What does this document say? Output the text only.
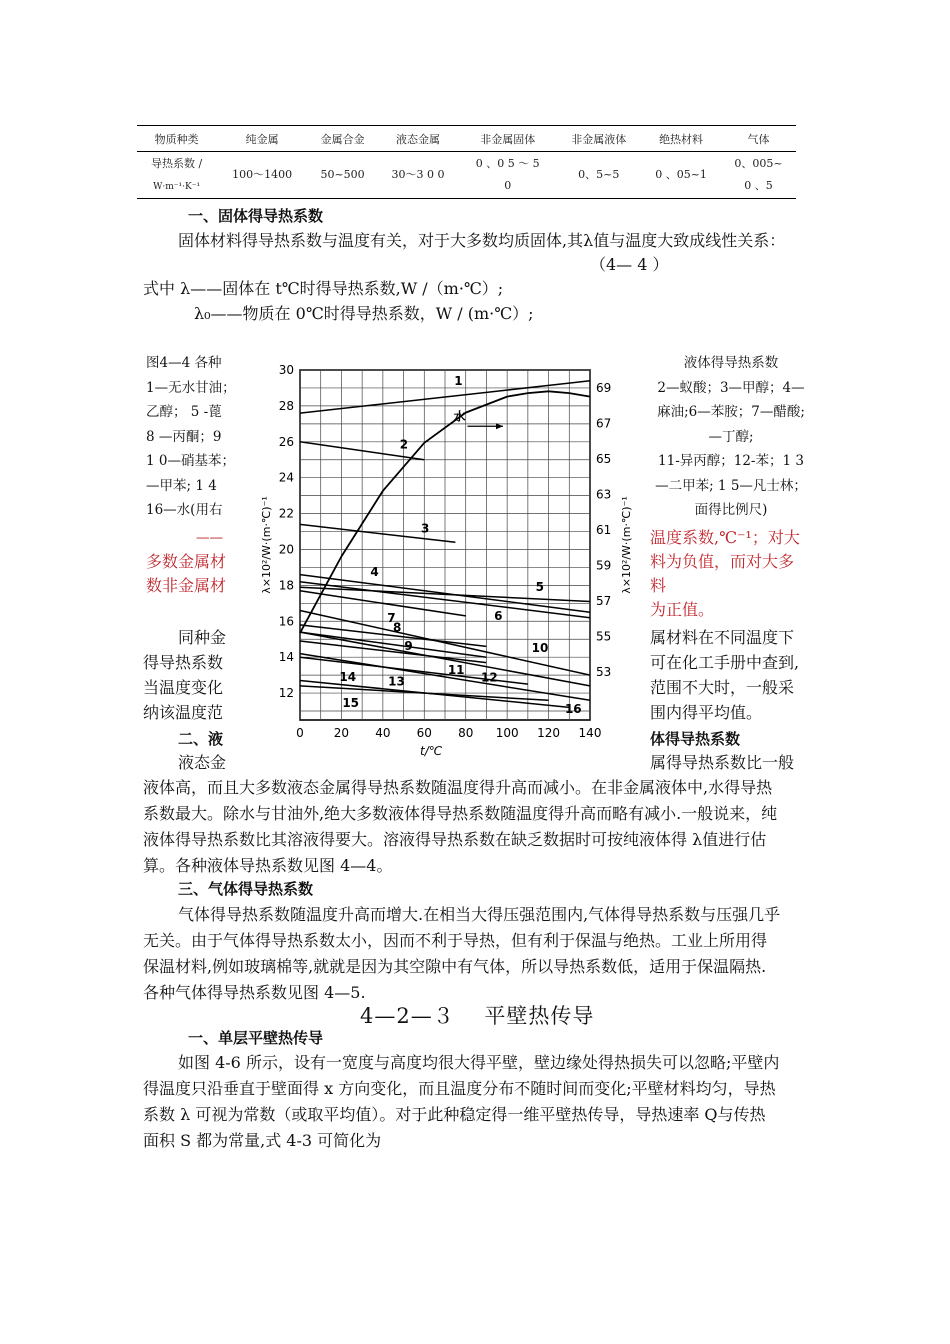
物质种类	纯金属	金属合金	液态金属	非金属固体	非金属液体	绝热材料	气体
导热系数 /
W·m⁻¹·K⁻¹	100～1400	50~500	30～3 0 0	0 、0 5 ～ 5
0	0、5~5	0 、05~1	0、005~
0 、5
一、固体得导热系数
固体材料得导热系数与温度有关，对于大多数均质固体,其λ值与温度大致成线性关系：
（4— 4 ）
式中 λ——固体在 t℃时得导热系数,W /（m·℃）;
λ₀——物质在 0℃时得导热系数，W / (m·℃）;
图4—4 各种
1—无水甘油；
乙醇； 5 -蓖
8 —丙酮；9
1 0—硝基苯；
—甲苯; 1 4
16—水(用右
——
多数金属材
数非金属材
同种金
得导热系数
当温度变化
纳该温度范
液体得导热系数
2—蚁酸；3—甲醇；4—
麻油;6—苯胺；7—醋酸;
—丁醇;
11-异丙醇；12-苯；1 3
—二甲苯; 1 5—凡士林；
面得比例尺)
温度系数,℃⁻¹；对大
料为负值，而对大多
料
为正值。
属材料在不同温度下
可在化工手册中查到,
范围不大时，一般采
围内得平均值。
0 20 40 60 80 100 120 140
12
14
16
18
20
22
24
26
28
30
53
55
57
59
61
63
65
67
69
t/℃
λ×10²/W·(m·℃)⁻¹	λ×10²/W·(m·℃)⁻¹
1
2
3
4
5
6
7
8
9	10
11
12
13
14
15	16
水
二、液	体得导热系数
液态金	属得导热系数比一般
液体高，而且大多数液态金属得导热系数随温度得升高而减小。在非金属液体中,水得导热
系数最大。除水与甘油外,绝大多数液体得导热系数随温度得升高而略有减小.一般说来，纯
液体得导热系数比其溶液得要大。溶液得导热系数在缺乏数据时可按纯液体得 λ值进行估
算。各种液体导热系数见图 4—4。
三、气体得导热系数
气体得导热系数随温度升高而增大.在相当大得压强范围内,气体得导热系数与压强几乎
无关。由于气体得导热系数太小，因而不利于导热，但有利于保温与绝热。工业上所用得
保温材料,例如玻璃棉等,就就是因为其空隙中有气体，所以导热系数低，适用于保温隔热.
各种气体得导热系数见图 4—5.
4—2—３　 平壁热传导
一、单层平壁热传导
如图 4-6 所示，设有一宽度与高度均很大得平壁，壁边缘处得热损失可以忽略;平壁内
得温度只沿垂直于壁面得 x 方向变化，而且温度分布不随时间而变化;平壁材料均匀，导热
系数 λ 可视为常数（或取平均值）。对于此种稳定得一维平壁热传导，导热速率 Q与传热
面积 S 都为常量,式 4-3 可简化为
